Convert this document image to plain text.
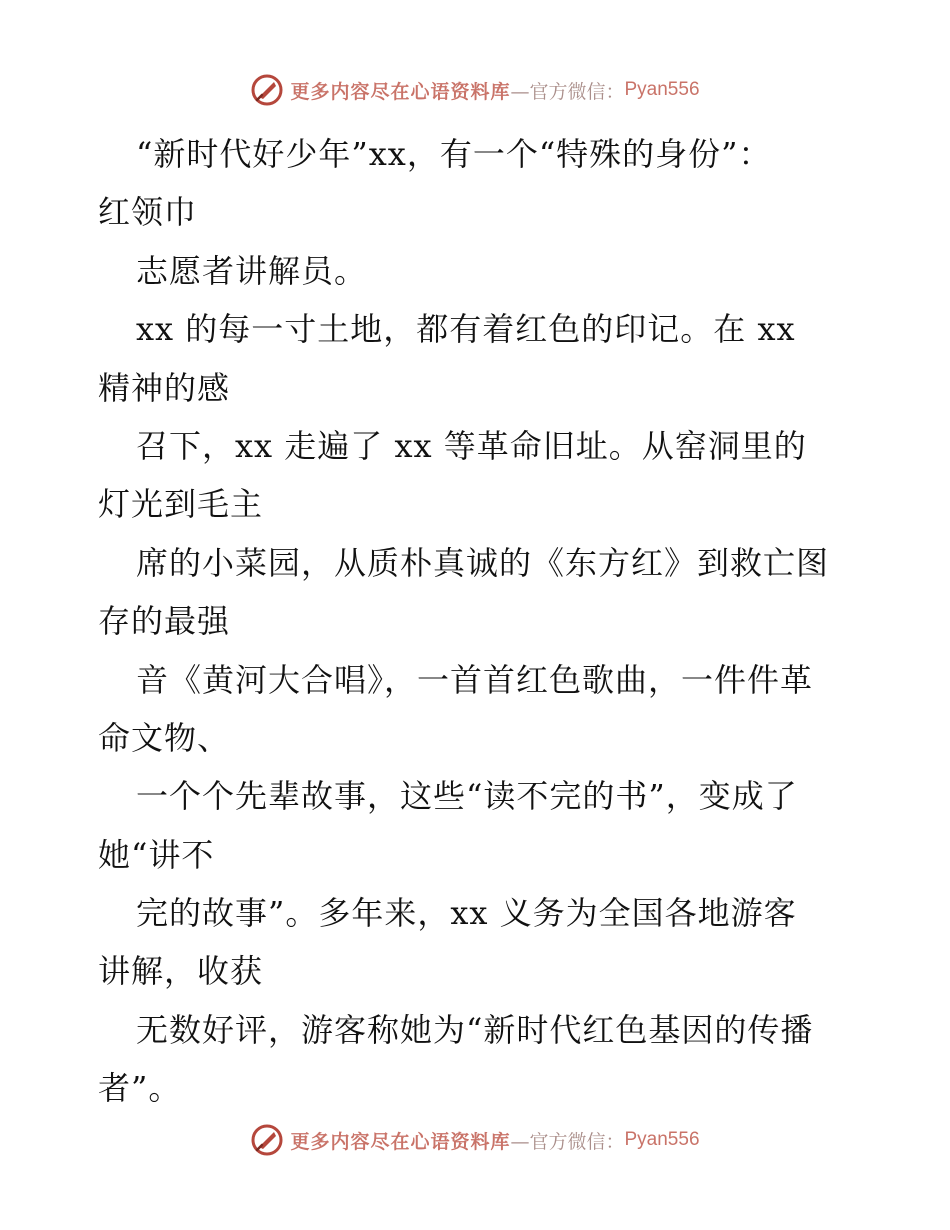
更多内容尽在心语资料库 —官方微信： Pyan556
“新时代好少年”xx，有一个“特殊的身份”：
红领巾
志愿者讲解员。
xx 的每一寸土地，都有着红色的印记。在 xx
精神的感
召下，xx 走遍了 xx 等革命旧址。从窑洞里的
灯光到毛主
席的小菜园，从质朴真诚的《东方红》到救亡图
存的最强
音《黄河大合唱》，一首首红色歌曲，一件件革
命文物、
一个个先辈故事，这些“读不完的书”，变成了
她“讲不
完的故事”。多年来，xx 义务为全国各地游客
讲解，收获
无数好评，游客称她为“新时代红色基因的传播
者”。
更多内容尽在心语资料库 —官方微信： Pyan556
